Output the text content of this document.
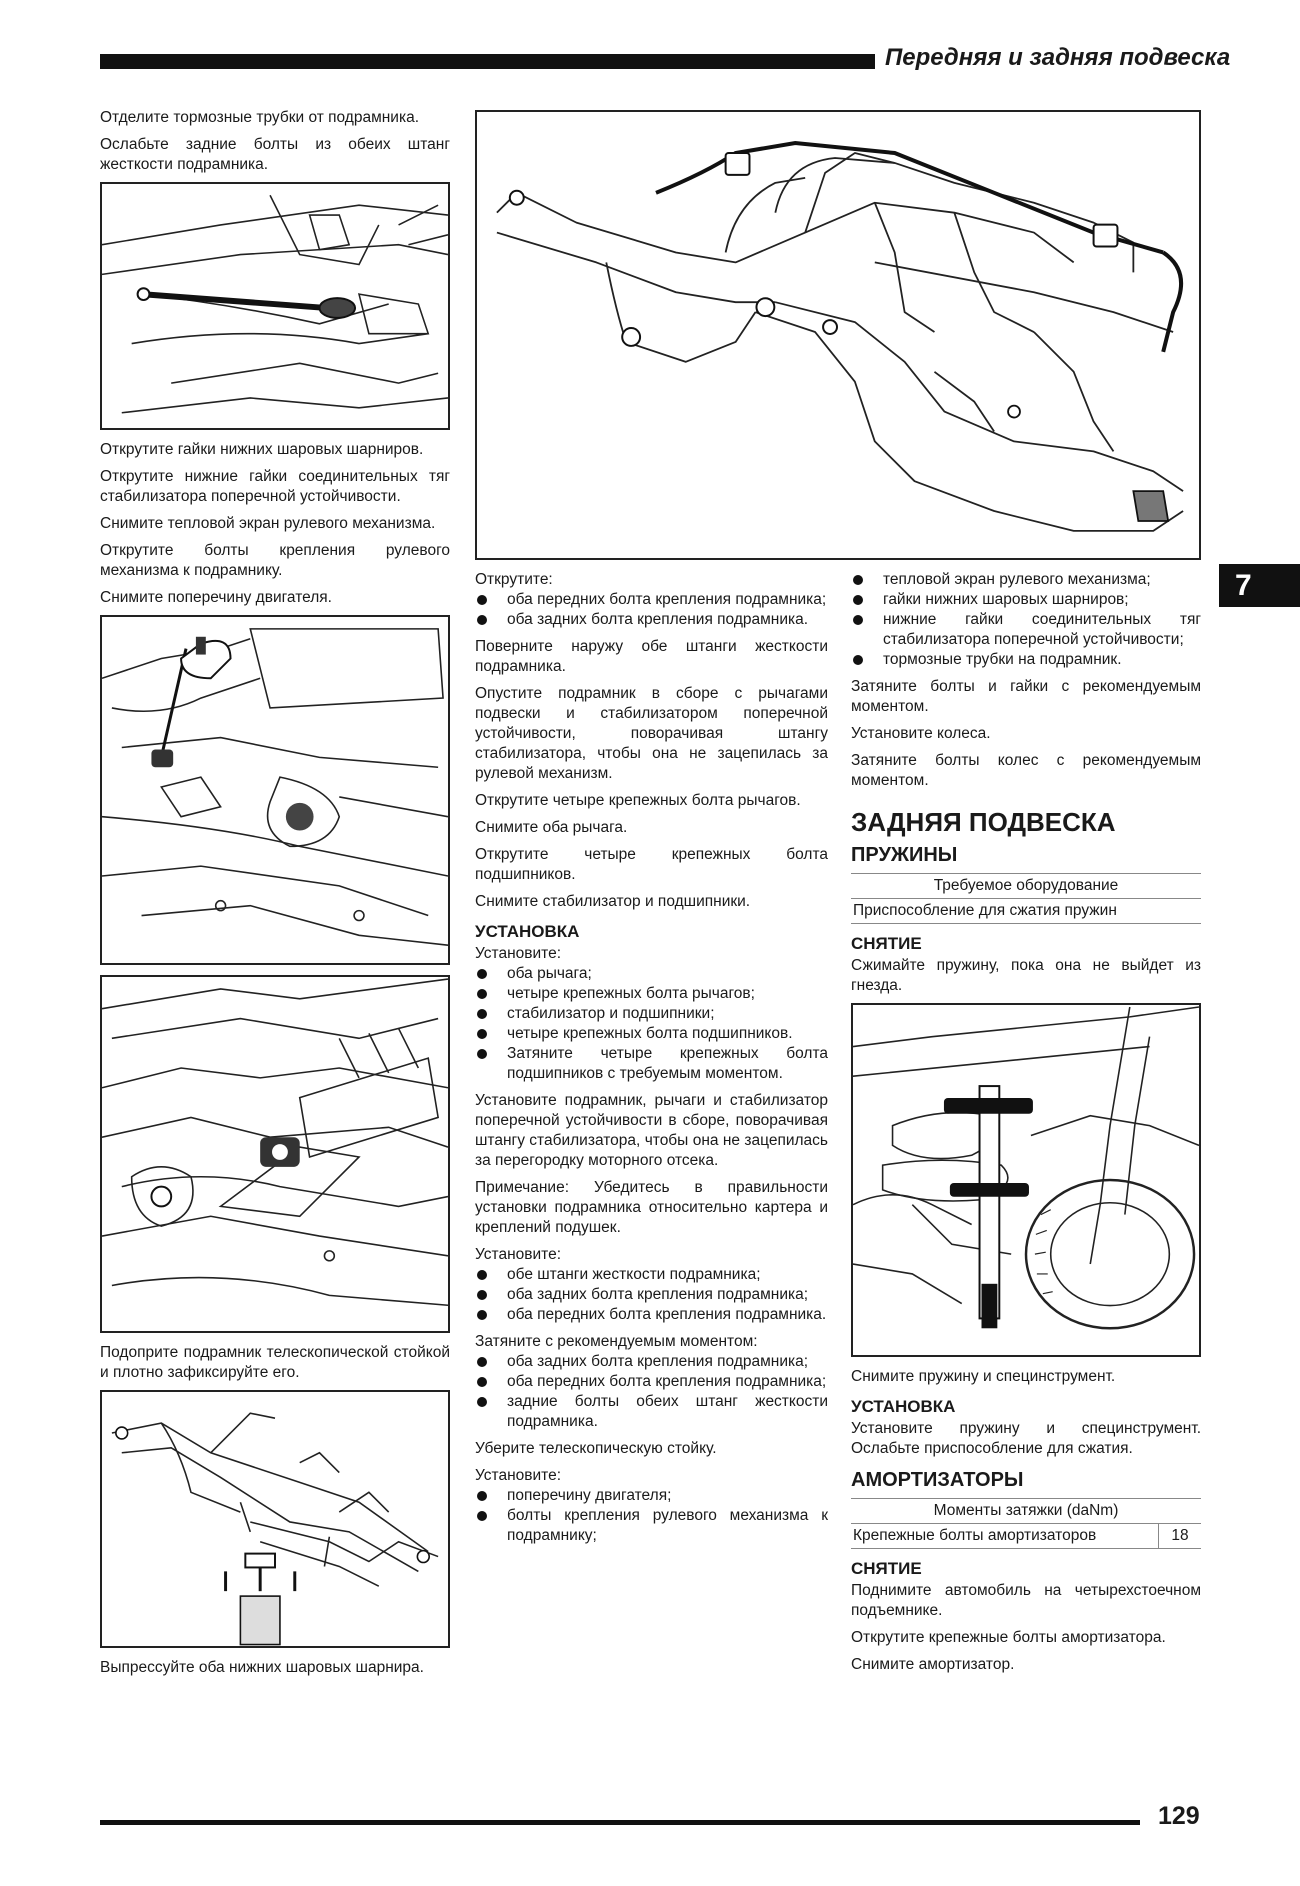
Передняя и задняя подвеска
7

Отделите тормозные трубки от подрамника.

Ослабьте задние болты из обеих штанг жесткости подрамника.

Открутите гайки нижних шаровых шарниров.

Открутите нижние гайки соединительных тяг стабилизатора поперечной устойчивости.

Снимите тепловой экран рулевого механизма.

Открутите болты крепления рулевого механизма к подрамнику.

Снимите поперечину двигателя.

Подоприте подрамник телескопической стойкой и плотно зафиксируйте его.

Выпрессуйте оба нижних шаровых шарнира.

Открутите:

оба передних болта крепления подрамника;
оба задних болта крепления подрамника.

Поверните наружу обе штанги жесткости подрамника.

Опустите подрамник в сборе с рычагами подвески и стабилизатором поперечной устойчивости, поворачивая штангу стабилизатора, чтобы она не зацепилась за рулевой механизм.

Открутите четыре крепежных болта рычагов.

Снимите оба рычага.

Открутите четыре крепежных болта подшипников.

Снимите стабилизатор и подшипники.

УСТАНОВКА

Установите:

оба рычага;
четыре крепежных болта рычагов;
стабилизатор и подшипники;
четыре крепежных болта подшипников.
Затяните четыре крепежных болта подшипников с требуемым моментом.

Установите подрамник, рычаги и стабилизатор поперечной устойчивости в сборе, поворачивая штангу стабилизатора, чтобы она не зацепилась за перегородку моторного отсека.

Примечание: Убедитесь в правильности установки подрамника относительно картера и креплений подушек.

Установите:

обе штанги жесткости подрамника;
оба задних болта крепления подрамника;
оба передних болта крепления подрамника.

Затяните с рекомендуемым моментом:

оба задних болта крепления подрамника;
оба передних болта крепления подрамника;
задние болты обеих штанг жесткости подрамника.

Уберите телескопическую стойку.

Установите:

поперечину двигателя;
болты крепления рулевого механизма к подрамнику;
тепловой экран рулевого механизма;
гайки нижних шаровых шарниров;
нижние гайки соединительных тяг стабилизатора поперечной устойчивости;
тормозные трубки на подрамник.

Затяните болты и гайки с рекомендуемым моментом.

Установите колеса.

Затяните болты колес с рекомендуемым моментом.

ЗАДНЯЯ ПОДВЕСКА
ПРУЖИНЫ
Требуемое оборудование
Приспособление для сжатия пружин
СНЯТИЕ

Сжимайте пружину, пока она не выйдет из гнезда.

Снимите пружину и специнструмент.

УСТАНОВКА

Установите пружину и специнструмент. Ослабьте приспособление для сжатия.

АМОРТИЗАТОРЫ
Моменты затяжки (daNm)
Крепежные болты амортизаторов	18
СНЯТИЕ

Поднимите автомобиль на четырехстоечном подъемнике.

Открутите крепежные болты амортизатора.

Снимите амортизатор.

129
